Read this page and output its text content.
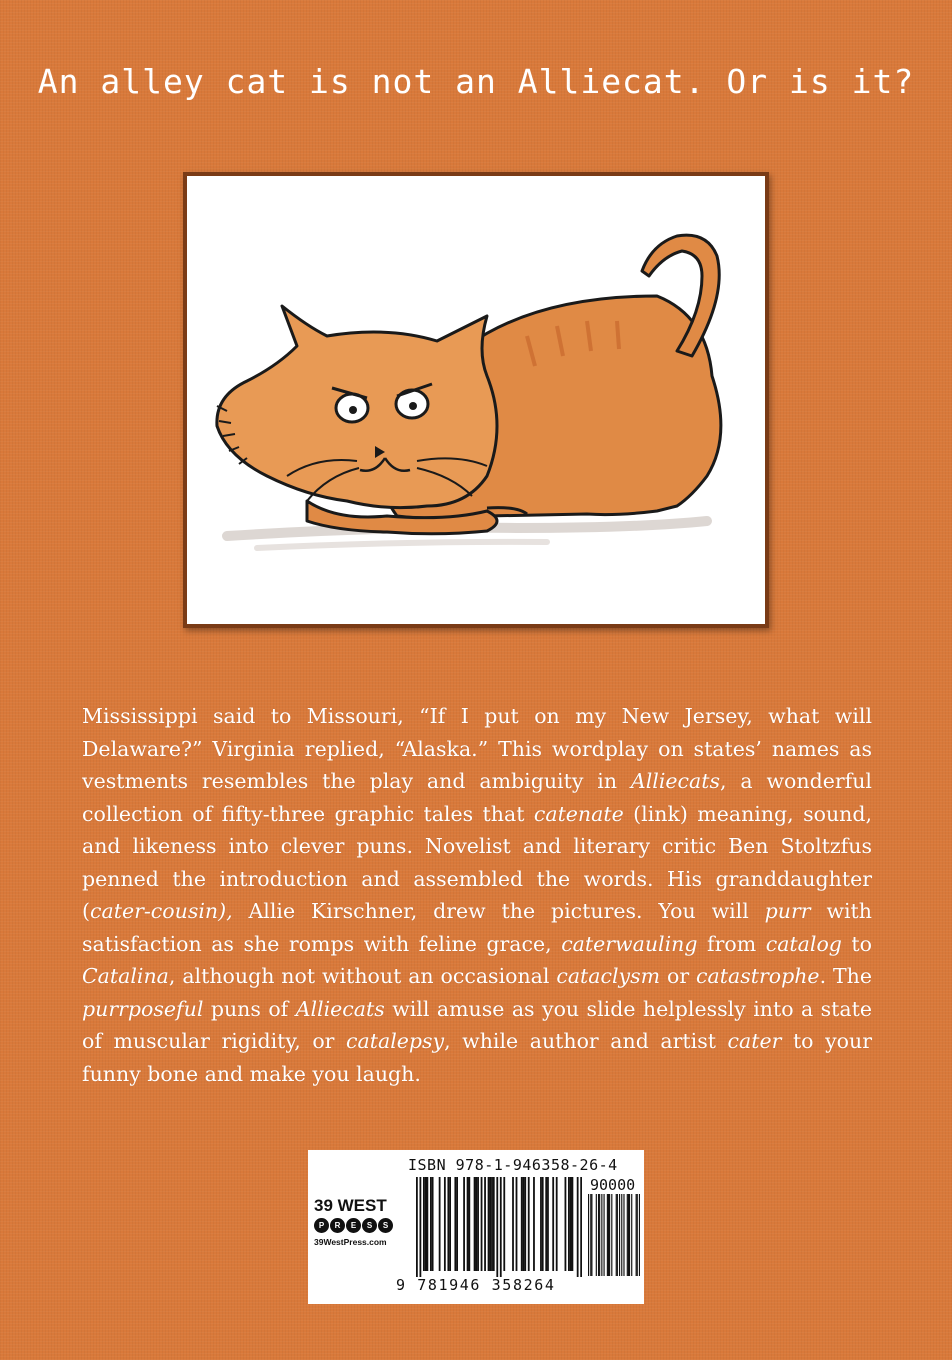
An alley cat is not an Alliecat. Or is it?

Mississippi said to Missouri, “If I put on my New Jersey, what will Delaware?” Virginia replied, “Alaska.” This wordplay on states’ names as vestments resembles the play and ambiguity in Alliecats, a wonderful collection of fifty-three graphic tales that catenate (link) meaning, sound, and likeness into clever puns. Novelist and literary critic Ben Stoltzfus penned the introduction and assembled the words. His granddaughter (cater-cousin), Allie Kirschner, drew the pictures. You will purr with satisfaction as she romps with feline grace, caterwauling from catalog to Catalina, although not without an occasional cataclysm or catastrophe. The purrposeful puns of Alliecats will amuse as you slide helplessly into a state of muscular rigidity, or catalepsy, while author and artist cater to your funny bone and make you laugh.

39 WEST
P	R	E	S	S
39WestPress.com
ISBN 978-1-946358-26-4
90000
9 781946 358264
